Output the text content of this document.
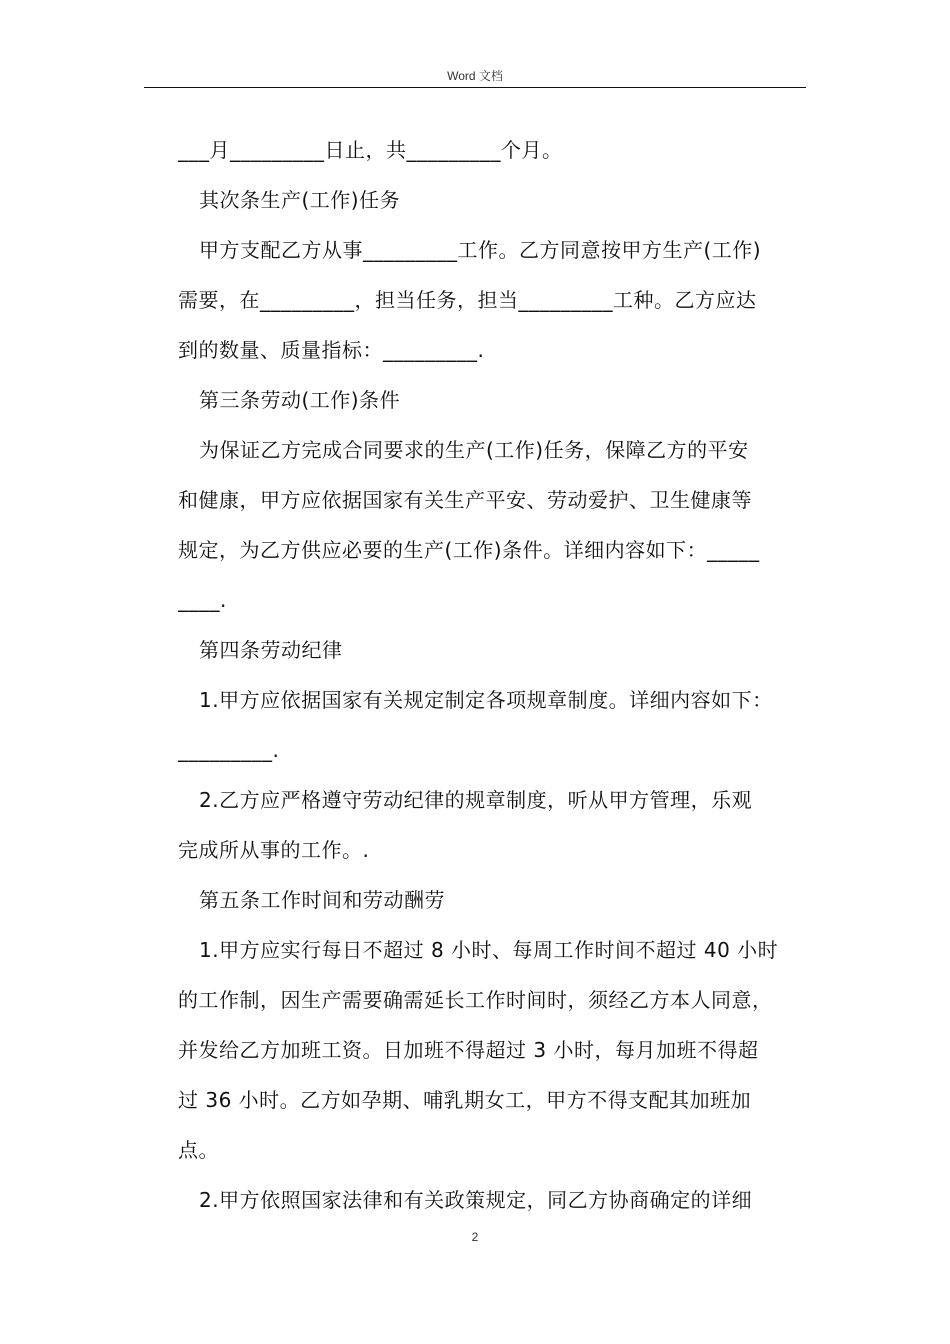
Word 文档
___月_________日止，共_________个月。
其次条生产(工作)任务
甲方支配乙方从事_________工作。乙方同意按甲方生产(工作)
需要，在_________，担当任务，担当_________工种。乙方应达
到的数量、质量指标：_________.
第三条劳动(工作)条件
为保证乙方完成合同要求的生产(工作)任务，保障乙方的平安
和健康，甲方应依据国家有关生产平安、劳动爱护、卫生健康等
规定，为乙方供应必要的生产(工作)条件。详细内容如下：_____
____.
第四条劳动纪律
1.甲方应依据国家有关规定制定各项规章制度。详细内容如下：
_________.
2.乙方应严格遵守劳动纪律的规章制度，听从甲方管理，乐观
完成所从事的工作。.
第五条工作时间和劳动酬劳
1.甲方应实行每日不超过 8 小时、每周工作时间不超过 40 小时
的工作制，因生产需要确需延长工作时间时，须经乙方本人同意，
并发给乙方加班工资。日加班不得超过 3 小时，每月加班不得超
过 36 小时。乙方如孕期、哺乳期女工，甲方不得支配其加班加
点。
2.甲方依照国家法律和有关政策规定，同乙方协商确定的详细
2
